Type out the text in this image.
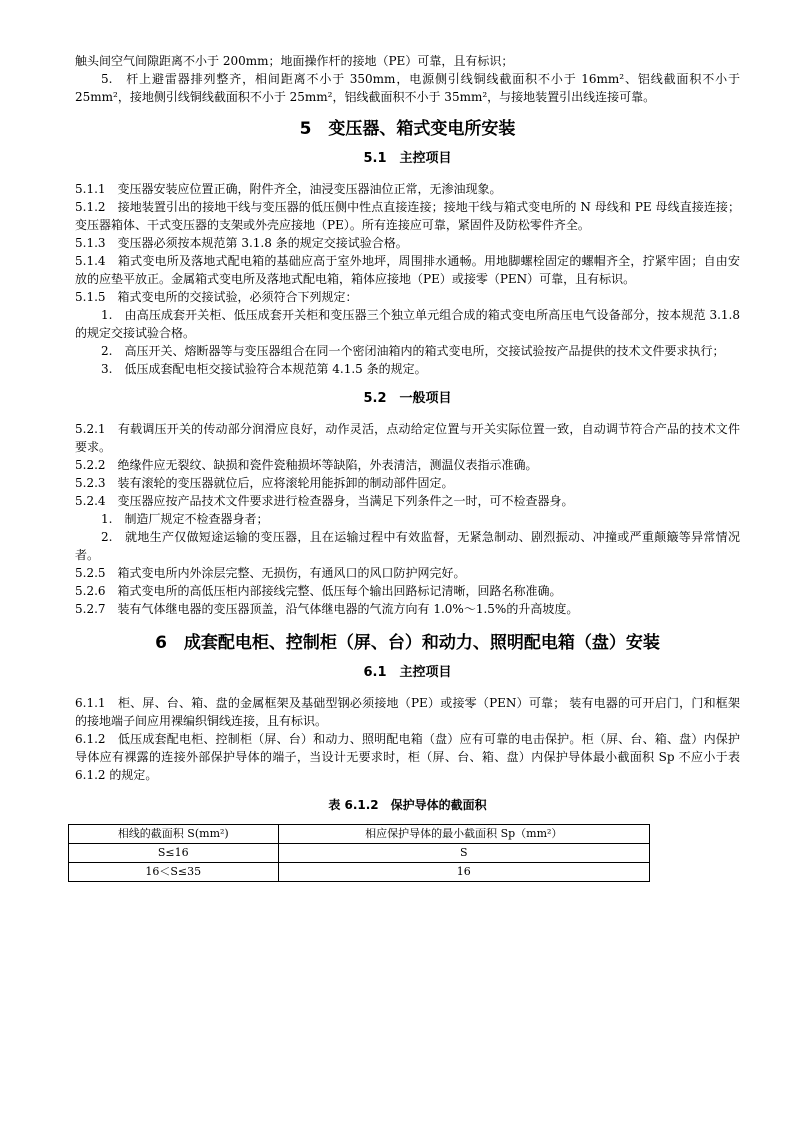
触头间空气间隙距离不小于 200mm；地面操作杆的接地（PE）可靠，且有标识；

5.　杆上避雷器排列整齐，相间距离不小于 350mm，电源侧引线铜线截面积不小于 16mm²、铝线截面积不小于 25mm²，接地侧引线铜线截面积不小于 25mm²，铝线截面积不小于 35mm²，与接地装置引出线连接可靠。

5　变压器、箱式变电所安装
5.1　主控项目

5.1.1　变压器安装应位置正确，附件齐全，油浸变压器油位正常，无渗油现象。

5.1.2　接地装置引出的接地干线与变压器的低压侧中性点直接连接；接地干线与箱式变电所的 N 母线和 PE 母线直接连接；变压器箱体、干式变压器的支架或外壳应接地（PE）。所有连接应可靠，紧固件及防松零件齐全。

5.1.3　变压器必须按本规范第 3.1.8 条的规定交接试验合格。

5.1.4　箱式变电所及落地式配电箱的基础应高于室外地坪，周围排水通畅。用地脚螺栓固定的螺帽齐全，拧紧牢固；自由安放的应垫平放正。金属箱式变电所及落地式配电箱，箱体应接地（PE）或接零（PEN）可靠，且有标识。

5.1.5　箱式变电所的交接试验，必须符合下列规定：

1.　由高压成套开关柜、低压成套开关柜和变压器三个独立单元组合成的箱式变电所高压电气设备部分，按本规范 3.1.8 的规定交接试验合格。

2.　高压开关、熔断器等与变压器组合在同一个密闭油箱内的箱式变电所，交接试验按产品提供的技术文件要求执行；

3.　低压成套配电柜交接试验符合本规范第 4.1.5 条的规定。

5.2　一般项目

5.2.1　有载调压开关的传动部分润滑应良好，动作灵活，点动给定位置与开关实际位置一致，自动调节符合产品的技术文件要求。

5.2.2　绝缘件应无裂纹、缺损和瓷件瓷釉损坏等缺陷，外表清洁，测温仪表指示准确。

5.2.3　装有滚轮的变压器就位后，应将滚轮用能拆卸的制动部件固定。

5.2.4　变压器应按产品技术文件要求进行检查器身，当满足下列条件之一时，可不检查器身。

1.　制造厂规定不检查器身者；

2.　就地生产仅做短途运输的变压器，且在运输过程中有效监督，无紧急制动、剧烈振动、冲撞或严重颠簸等异常情况者。

5.2.5　箱式变电所内外涂层完整、无损伤，有通风口的风口防护网完好。

5.2.6　箱式变电所的高低压柜内部接线完整、低压每个输出回路标记清晰，回路名称准确。

5.2.7　装有气体继电器的变压器顶盖，沿气体继电器的气流方向有 1.0%～1.5%的升高坡度。

6　成套配电柜、控制柜（屏、台）和动力、照明配电箱（盘）安装
6.1　主控项目

6.1.1　柜、屏、台、箱、盘的金属框架及基础型钢必须接地（PE）或接零（PEN）可靠； 装有电器的可开启门，门和框架的接地端子间应用裸编织铜线连接，且有标识。

6.1.2　低压成套配电柜、控制柜（屏、台）和动力、照明配电箱（盘）应有可靠的电击保护。柜（屏、台、箱、盘）内保护导体应有裸露的连接外部保护导体的端子，当设计无要求时，柜（屏、台、箱、盘）内保护导体最小截面积 Sp 不应小于表 6.1.2 的规定。

表 6.1.2　保护导体的截面积
相线的截面积 S(mm²)	相应保护导体的最小截面积 Sp（mm²）
S≤16	S
16＜S≤35	16
